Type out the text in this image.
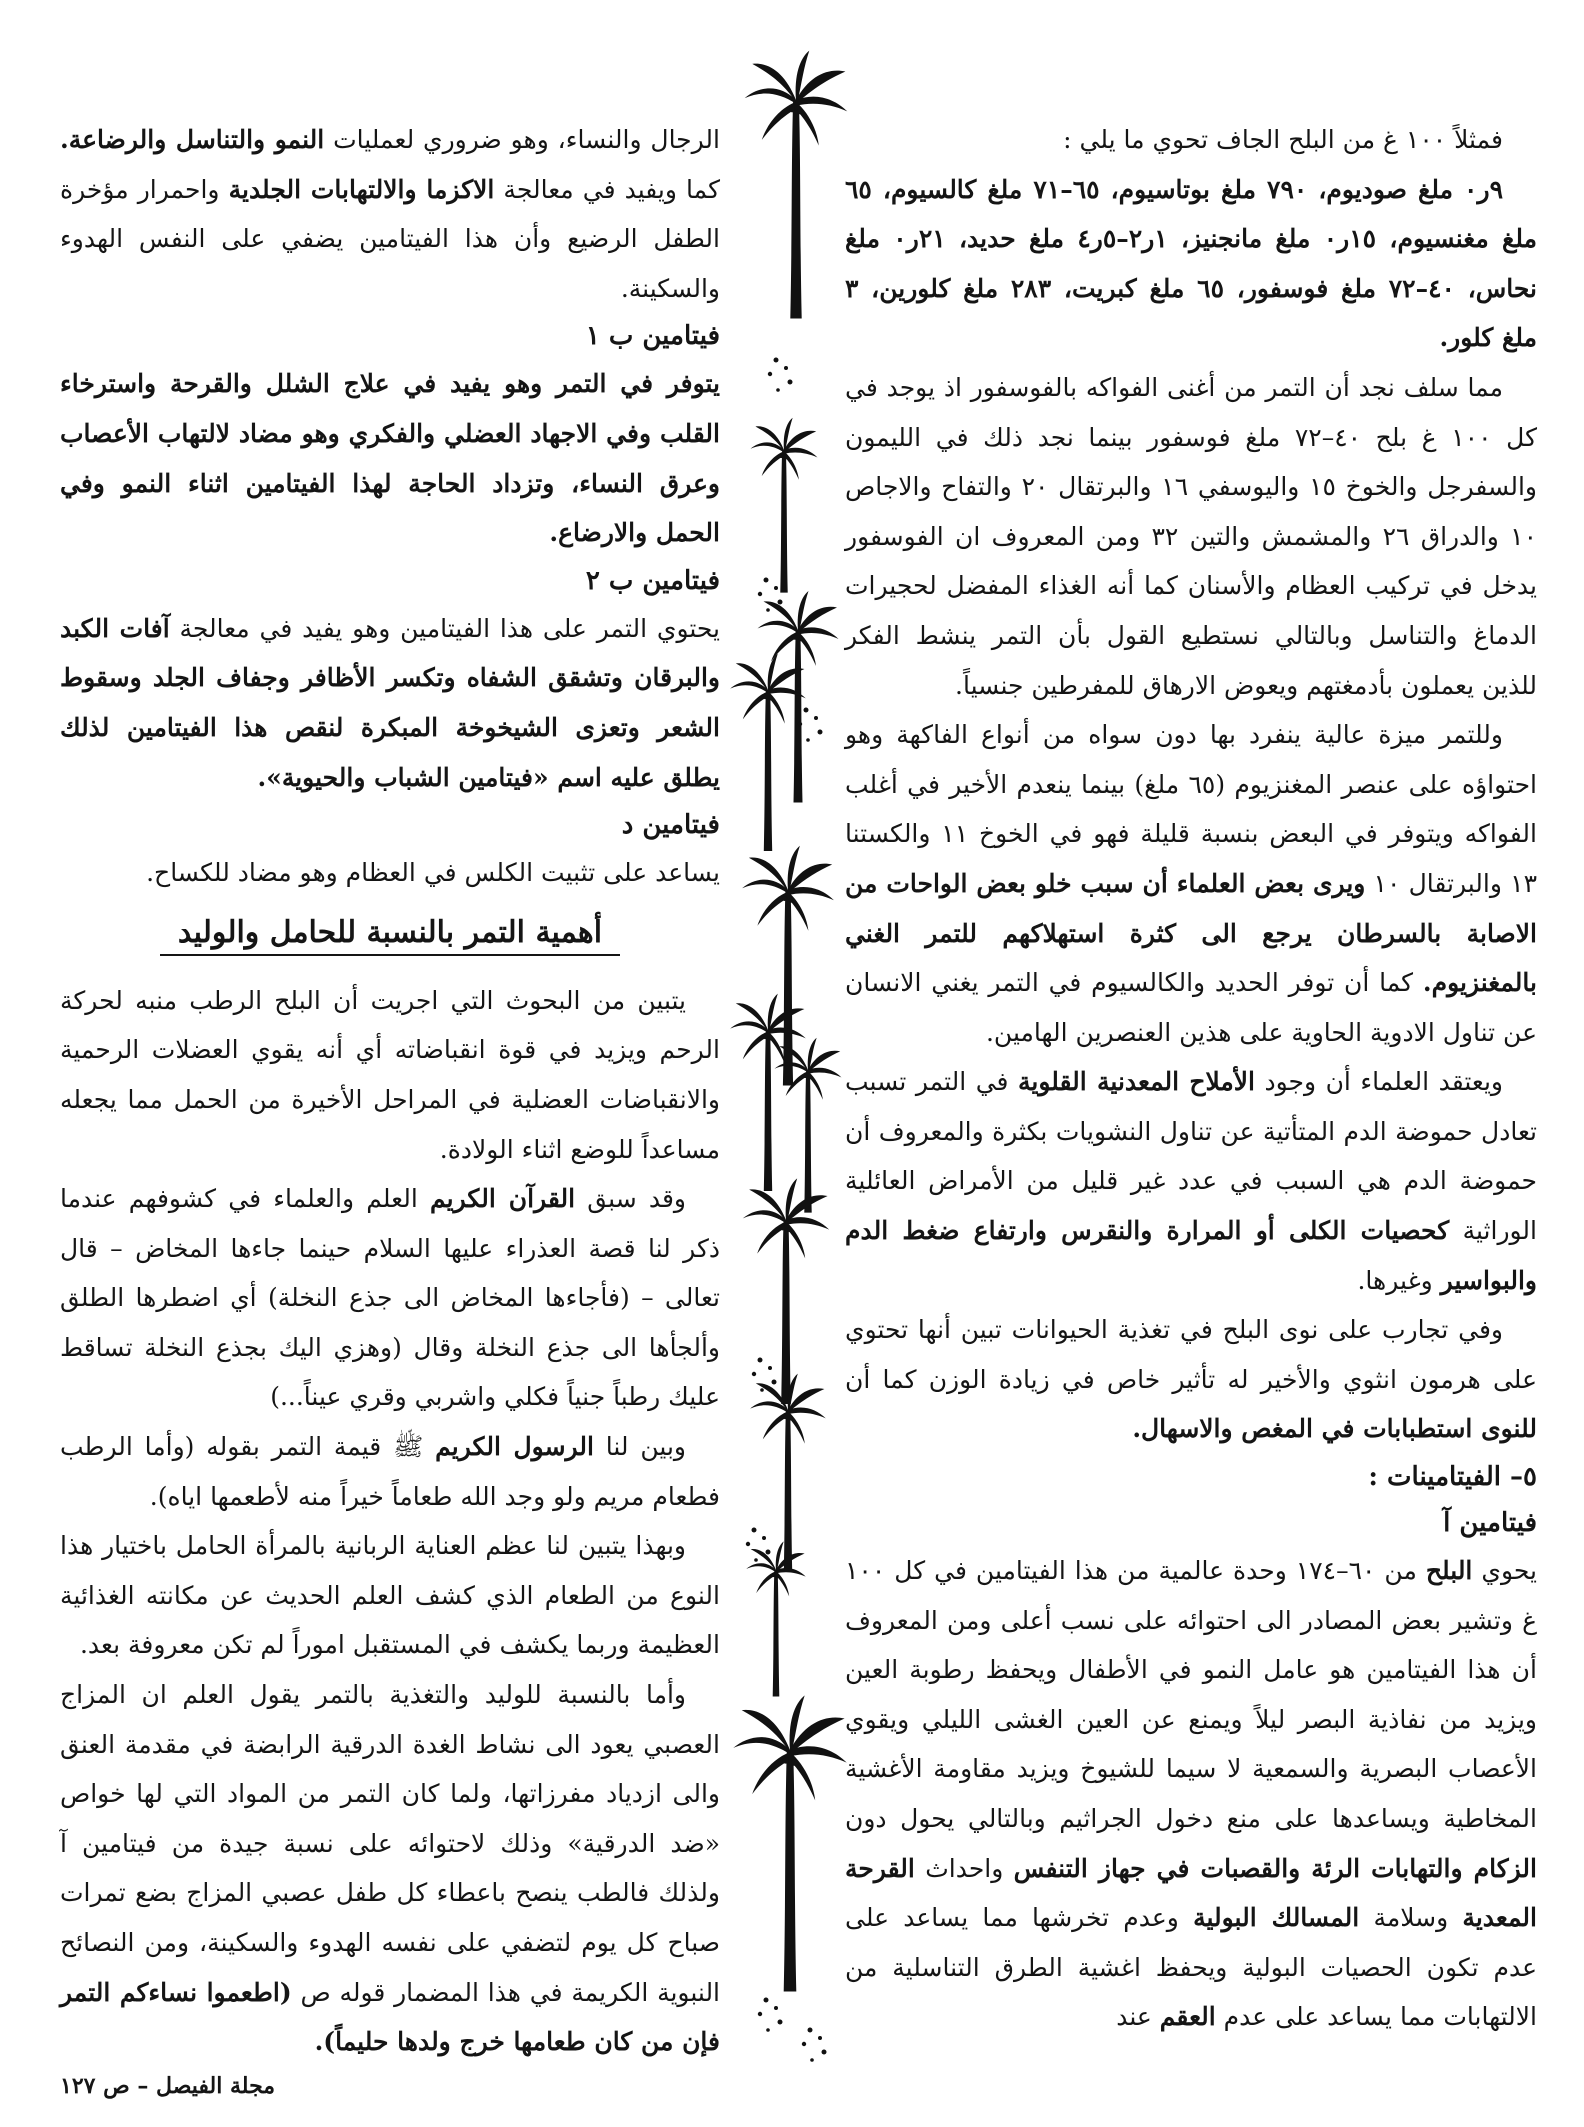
فمثلاً ١٠٠ غ من البلح الجاف تحوي ما يلي :

٩ر٠ ملغ صوديوم، ٧٩٠ ملغ بوتاسيوم، ٦٥–٧١ ملغ كالسيوم، ٦٥ ملغ مغنسيوم، ١٥ر٠ ملغ مانجنيز، ١ر٢–٥ر٤ ملغ حديد، ٢١ر٠ ملغ نحاس، ٤٠–٧٢ ملغ فوسفور، ٦٥ ملغ كبريت، ٢٨٣ ملغ كلورين، ٣ ملغ كلور.

مما سلف نجد أن التمر من أغنى الفواكه بالفوسفور اذ يوجد في كل ١٠٠ غ بلح ٤٠–٧٢ ملغ فوسفور بينما نجد ذلك في الليمون والسفرجل والخوخ ١٥ واليوسفي ١٦ والبرتقال ٢٠ والتفاح والاجاص ١٠ والدراق ٢٦ والمشمش والتين ٣٢ ومن المعروف ان الفوسفور يدخل في تركيب العظام والأسنان كما أنه الغذاء المفضل لحجيرات الدماغ والتناسل وبالتالي نستطيع القول بأن التمر ينشط الفكر للذين يعملون بأدمغتهم ويعوض الارهاق للمفرطين جنسياً.

وللتمر ميزة عالية ينفرد بها دون سواه من أنواع الفاكهة وهو احتواؤه على عنصر المغنزيوم (٦٥ ملغ) بينما ينعدم الأخير في أغلب الفواكه ويتوفر في البعض بنسبة قليلة فهو في الخوخ ١١ والكستنا ١٣ والبرتقال ١٠ ويرى بعض العلماء أن سبب خلو بعض الواحات من الاصابة بالسرطان يرجع الى كثرة استهلاكهم للتمر الغني بالمغنزيوم. كما أن توفر الحديد والكالسيوم في التمر يغني الانسان عن تناول الادوية الحاوية على هذين العنصرين الهامين.

ويعتقد العلماء أن وجود الأملاح المعدنية القلوية في التمر تسبب تعادل حموضة الدم المتأتية عن تناول النشويات بكثرة والمعروف أن حموضة الدم هي السبب في عدد غير قليل من الأمراض العائلية الوراثية كحصيات الكلى أو المرارة والنقرس وارتفاع ضغط الدم والبواسير وغيرها.

وفي تجارب على نوى البلح في تغذية الحيوانات تبين أنها تحتوي على هرمون انثوي والأخير له تأثير خاص في زيادة الوزن كما أن للنوى استطبابات في المغص والاسهال.

٥– الفيتامينات :
فيتامين آ

يحوي البلح من ٦٠–١٧٤ وحدة عالمية من هذا الفيتامين في كل ١٠٠ غ وتشير بعض المصادر الى احتوائه على نسب أعلى ومن المعروف أن هذا الفيتامين هو عامل النمو في الأطفال ويحفظ رطوبة العين ويزيد من نفاذية البصر ليلاً ويمنع عن العين الغشى الليلي ويقوي الأعصاب البصرية والسمعية لا سيما للشيوخ ويزيد مقاومة الأغشية المخاطية ويساعدها على منع دخول الجراثيم وبالتالي يحول دون الزكام والتهابات الرئة والقصبات في جهاز التنفس واحداث القرحة المعدية وسلامة المسالك البولية وعدم تخرشها مما يساعد على عدم تكون الحصيات البولية ويحفظ اغشية الطرق التناسلية من الالتهابات مما يساعد على عدم العقم عند

الرجال والنساء، وهو ضروري لعمليات النمو والتناسل والرضاعة. كما ويفيد في معالجة الاكزما والالتهابات الجلدية واحمرار مؤخرة الطفل الرضيع وأن هذا الفيتامين يضفي على النفس الهدوء والسكينة.

فيتامين ب ١

يتوفر في التمر وهو يفيد في علاج الشلل والقرحة واسترخاء القلب وفي الاجهاد العضلي والفكري وهو مضاد لالتهاب الأعصاب وعرق النساء، وتزداد الحاجة لهذا الفيتامين اثناء النمو وفي الحمل والارضاع.

فيتامين ب ٢

يحتوي التمر على هذا الفيتامين وهو يفيد في معالجة آفات الكبد والبرقان وتشقق الشفاه وتكسر الأظافر وجفاف الجلد وسقوط الشعر وتعزى الشيخوخة المبكرة لنقص هذا الفيتامين لذلك يطلق عليه اسم «فيتامين الشباب والحيوية».

فيتامين د

يساعد على تثبيت الكلس في العظام وهو مضاد للكساح.

أهمية التمر بالنسبة للحامل والوليد

يتبين من البحوث التي اجريت أن البلح الرطب منبه لحركة الرحم ويزيد في قوة انقباضاته أي أنه يقوي العضلات الرحمية والانقباضات العضلية في المراحل الأخيرة من الحمل مما يجعله مساعداً للوضع اثناء الولادة.

وقد سبق القرآن الكريم العلم والعلماء في كشوفهم عندما ذكر لنا قصة العذراء عليها السلام حينما جاءها المخاض – قال تعالى – (فأجاءها المخاض الى جذع النخلة) أي اضطرها الطلق وألجأها الى جذع النخلة وقال (وهزي اليك بجذع النخلة تساقط عليك رطباً جنياً فكلي واشربي وقري عيناً...)

وبين لنا الرسول الكريم ﷺ قيمة التمر بقوله (وأما الرطب فطعام مريم ولو وجد الله طعاماً خيراً منه لأطعمها اياه).

وبهذا يتبين لنا عظم العناية الربانية بالمرأة الحامل باختيار هذا النوع من الطعام الذي كشف العلم الحديث عن مكانته الغذائية العظيمة وربما يكشف في المستقبل اموراً لم تكن معروفة بعد.

وأما بالنسبة للوليد والتغذية بالتمر يقول العلم ان المزاج العصبي يعود الى نشاط الغدة الدرقية الرابضة في مقدمة العنق والى ازدياد مفرزاتها، ولما كان التمر من المواد التي لها خواص «ضد الدرقية» وذلك لاحتوائه على نسبة جيدة من فيتامين آ ولذلك فالطب ينصح باعطاء كل طفل عصبي المزاج بضع تمرات صباح كل يوم لتضفي على نفسه الهدوء والسكينة، ومن النصائح النبوية الكريمة في هذا المضمار قوله ص (اطعموا نساءكم التمر فإن من كان طعامها خرج ولدها حليماً).

مجلة الفيصل – ص ١٢٧
